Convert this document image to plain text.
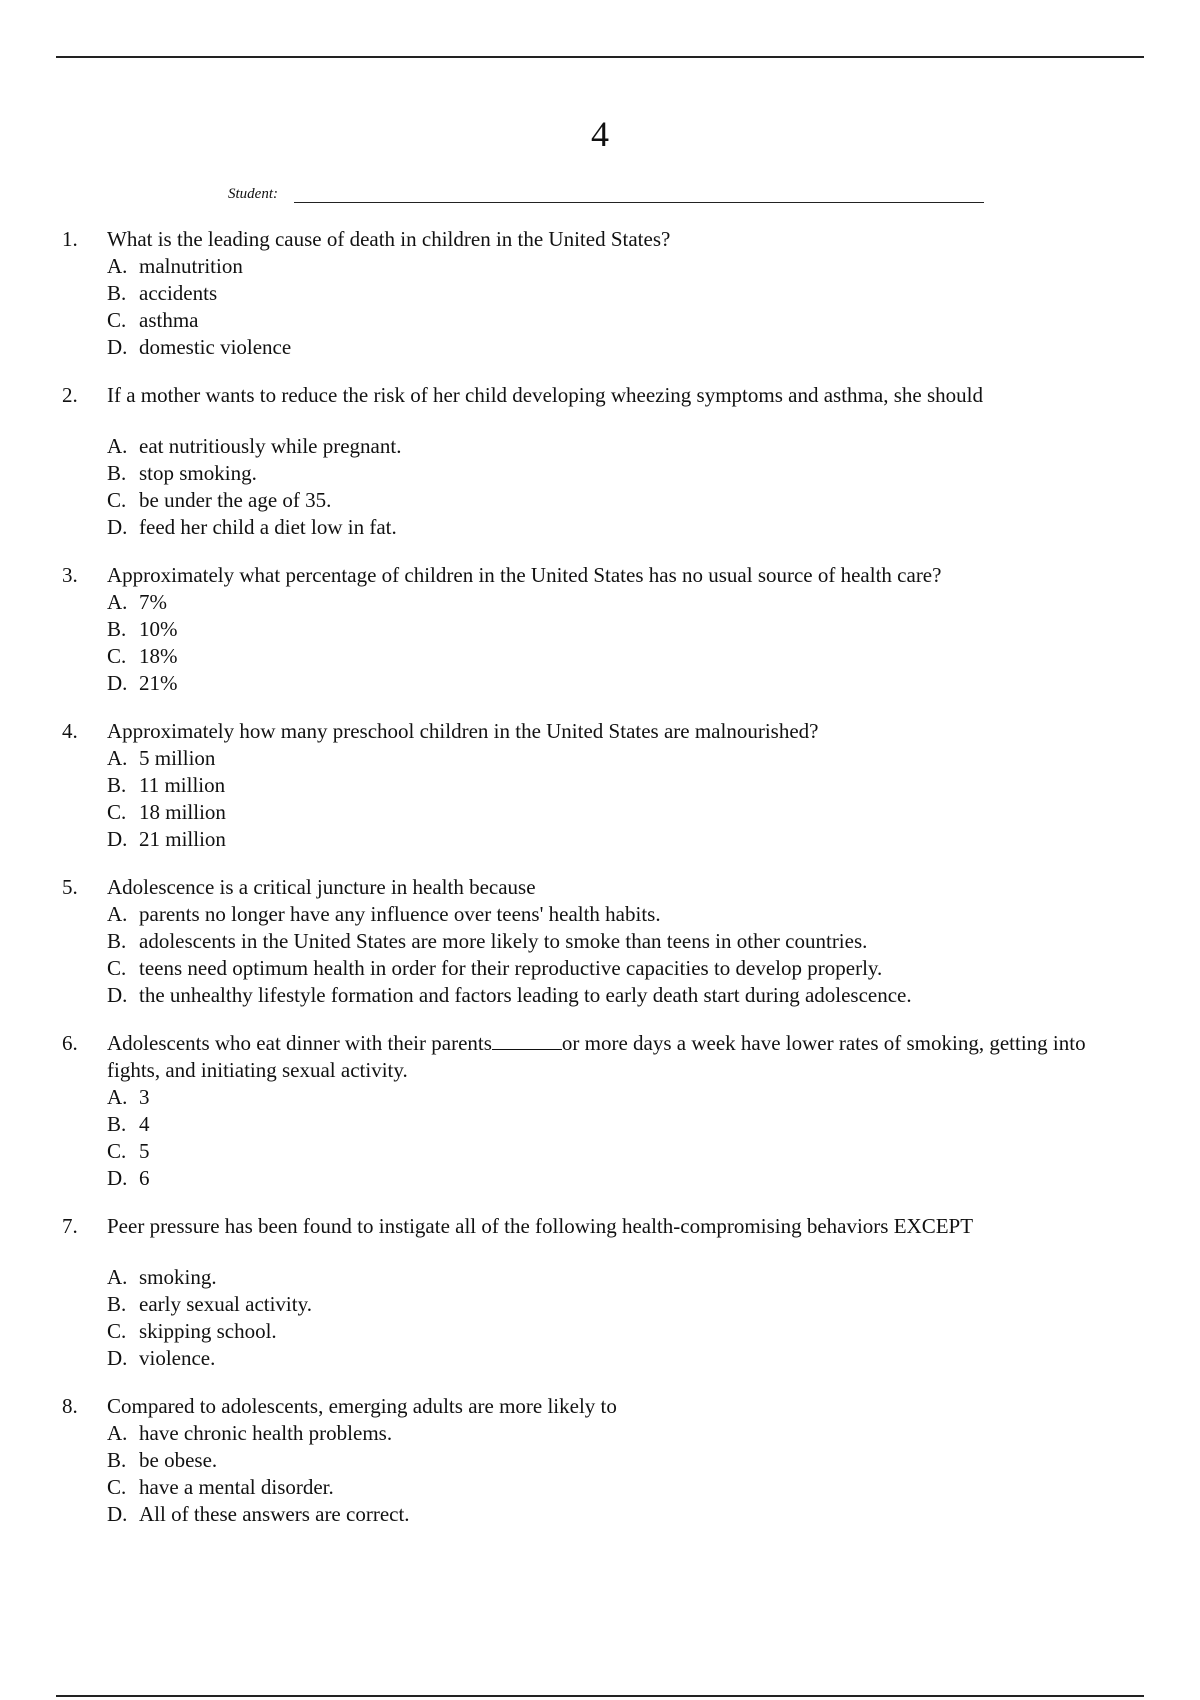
4
Student:
1. What is the leading cause of death in children in the United States?
A. malnutrition
B. accidents
C. asthma
D. domestic violence
2. If a mother wants to reduce the risk of her child developing wheezing symptoms and asthma, she should
A. eat nutritiously while pregnant.
B. stop smoking.
C. be under the age of 35.
D. feed her child a diet low in fat.
3. Approximately what percentage of children in the United States has no usual source of health care?
A. 7%
B. 10%
C. 18%
D. 21%
4. Approximately how many preschool children in the United States are malnourished?
A. 5 million
B. 11 million
C. 18 million
D. 21 million
5. Adolescence is a critical juncture in health because
A. parents no longer have any influence over teens' health habits.
B. adolescents in the United States are more likely to smoke than teens in other countries.
C. teens need optimum health in order for their reproductive capacities to develop properly.
D. the unhealthy lifestyle formation and factors leading to early death start during adolescence.
6. Adolescents who eat dinner with their parents	or more days a week have lower rates of smoking, getting into fights, and initiating sexual activity.
A. 3
B. 4
C. 5
D. 6
7. Peer pressure has been found to instigate all of the following health-compromising behaviors EXCEPT
A. smoking.
B. early sexual activity.
C. skipping school.
D. violence.
8. Compared to adolescents, emerging adults are more likely to
A. have chronic health problems.
B. be obese.
C. have a mental disorder.
D. All of these answers are correct.
